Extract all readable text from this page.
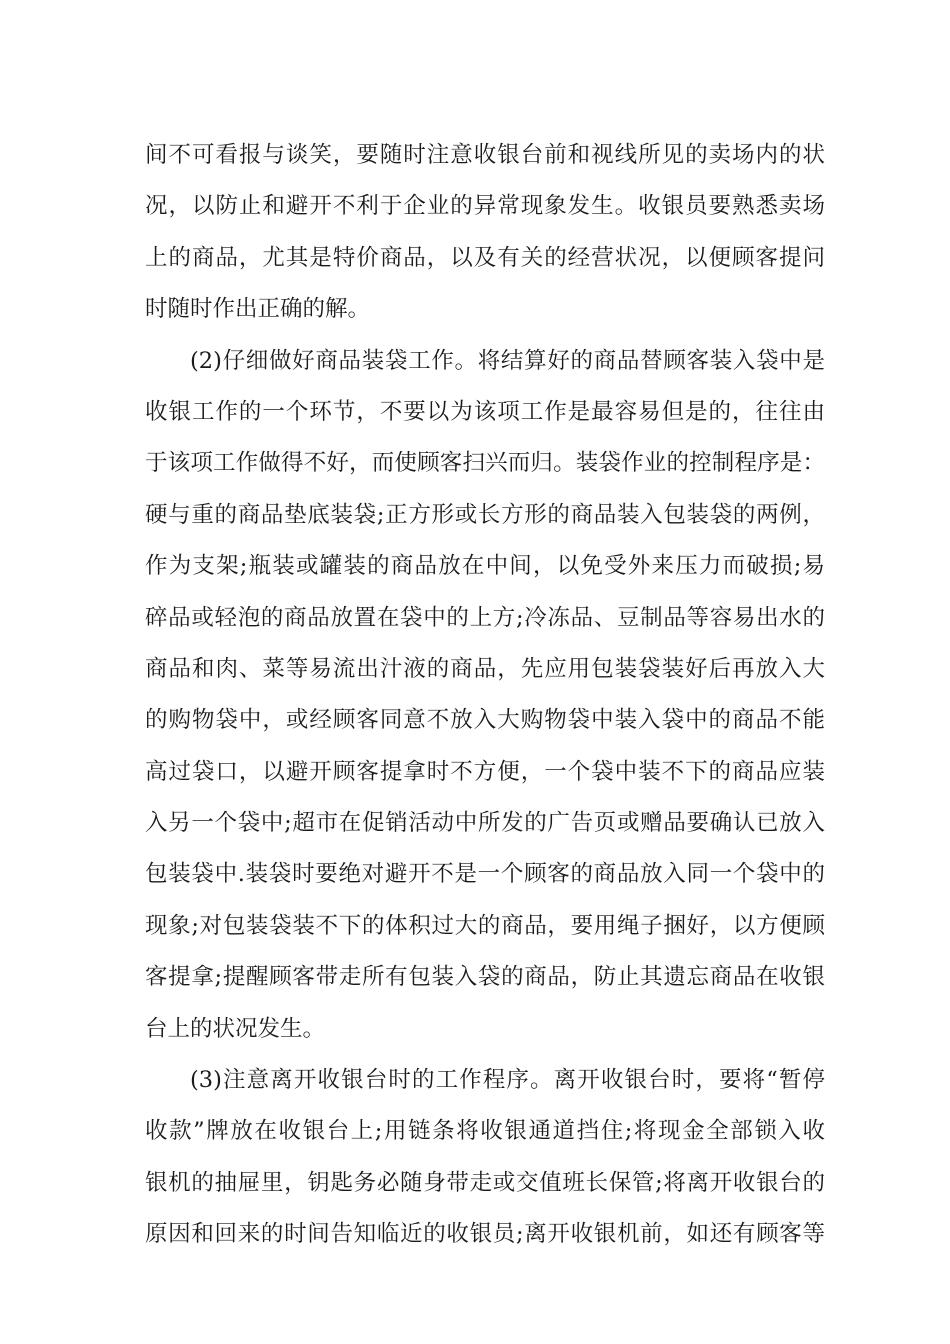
间不可看报与谈笑，要随时注意收银台前和视线所见的卖场内的状
况，以防止和避开不利于企业的异常现象发生。收银员要熟悉卖场
上的商品，尤其是特价商品，以及有关的经营状况，以便顾客提问
时随时作出正确的解。
(2)仔细做好商品装袋工作。将结算好的商品替顾客装入袋中是
收银工作的一个环节，不要以为该项工作是最容易但是的，往往由
于该项工作做得不好，而使顾客扫兴而归。装袋作业的控制程序是：
硬与重的商品垫底装袋;正方形或长方形的商品装入包装袋的两例，
作为支架;瓶装或罐装的商品放在中间，以免受外来压力而破损;易
碎品或轻泡的商品放置在袋中的上方;冷冻品、豆制品等容易出水的
商品和肉、菜等易流出汁液的商品，先应用包装袋装好后再放入大
的购物袋中，或经顾客同意不放入大购物袋中装入袋中的商品不能
高过袋口，以避开顾客提拿时不方便，一个袋中装不下的商品应装
入另一个袋中;超市在促销活动中所发的广告页或赠品要确认已放入
包装袋中.装袋时要绝对避开不是一个顾客的商品放入同一个袋中的
现象;对包装袋装不下的体积过大的商品，要用绳子捆好，以方便顾
客提拿;提醒顾客带走所有包装入袋的商品，防止其遗忘商品在收银
台上的状况发生。
(3)注意离开收银台时的工作程序。离开收银台时，要将“暂停
收款”牌放在收银台上;用链条将收银通道挡住;将现金全部锁入收
银机的抽屉里，钥匙务必随身带走或交值班长保管;将离开收银台的
原因和回来的时间告知临近的收银员;离开收银机前，如还有顾客等
